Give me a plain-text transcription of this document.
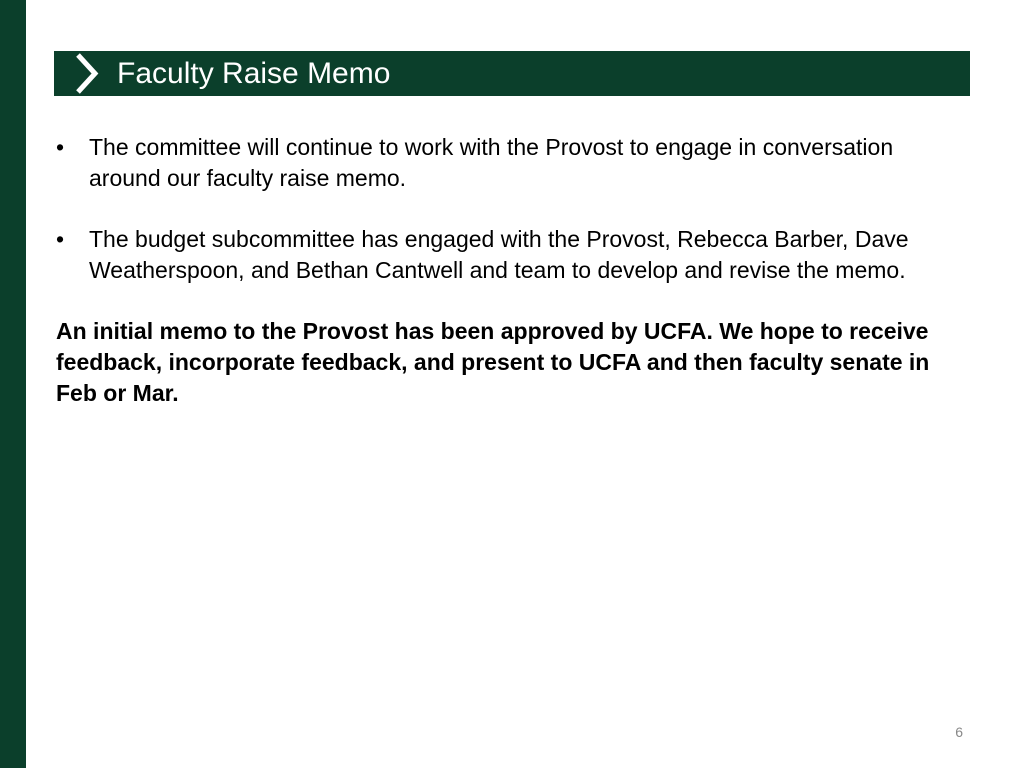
Faculty Raise Memo
• The committee will continue to work with the Provost to engage in conversation around our faculty raise memo.
• The budget subcommittee has engaged with the Provost, Rebecca Barber, Dave Weatherspoon, and Bethan Cantwell and team to develop and revise the memo.

An initial memo to the Provost has been approved by UCFA. We hope to receive feedback, incorporate feedback, and present to UCFA and then faculty senate in Feb or Mar.

6
